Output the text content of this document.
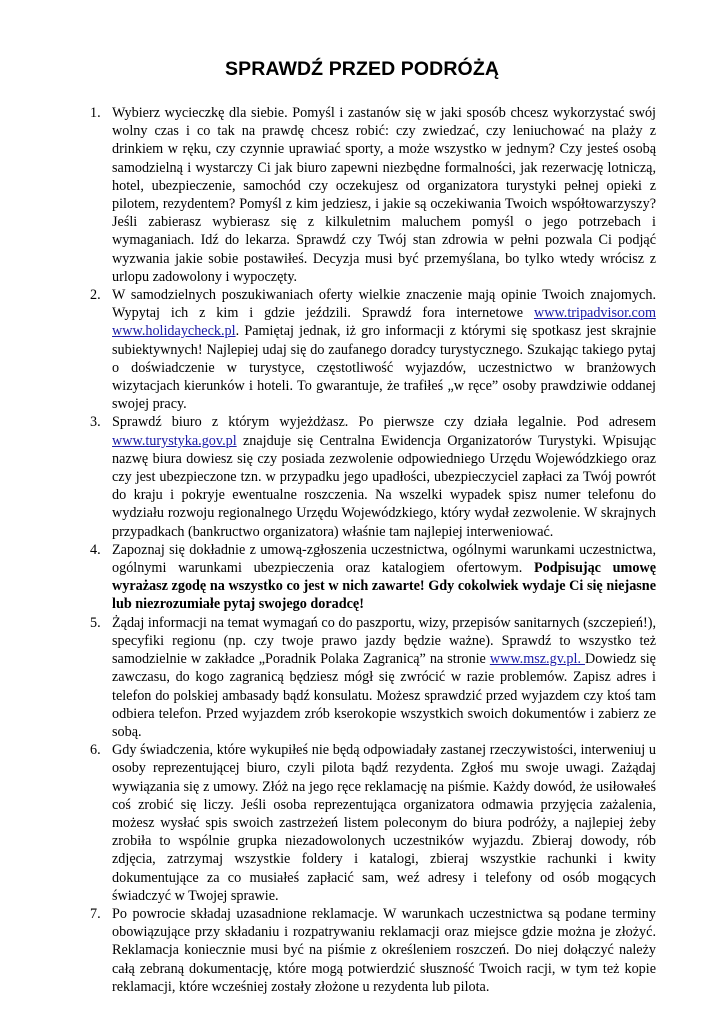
SPRAWDŹ PRZED PODRÓŻĄ
1. Wybierz wycieczkę dla siebie. Pomyśl i zastanów się w jaki sposób chcesz wykorzystać swój wolny czas i co tak na prawdę chcesz robić: czy zwiedzać, czy leniuchować na plaży z drinkiem w ręku, czy czynnie uprawiać sporty, a może wszystko w jednym? Czy jesteś osobą samodzielną i wystarczy Ci jak biuro zapewni niezbędne formalności, jak rezerwację lotniczą, hotel, ubezpieczenie, samochód czy oczekujesz od organizatora turystyki pełnej opieki z pilotem, rezydentem? Pomyśl z kim jedziesz, i jakie są oczekiwania Twoich współtowarzyszy? Jeśli zabierasz wybierasz się z kilkuletnim maluchem pomyśl o jego potrzebach i wymaganiach. Idź do lekarza. Sprawdź czy Twój stan zdrowia w pełni pozwala Ci podjąć wyzwania jakie sobie postawiłeś. Decyzja musi być przemyślana, bo tylko wtedy wrócisz z urlopu zadowolony i wypoczęty.
2. W samodzielnych poszukiwaniach oferty wielkie znaczenie mają opinie Twoich znajomych. Wypytaj ich z kim i gdzie jeździli. Sprawdź fora internetowe www.tripadvisor.com www.holidaycheck.pl. Pamiętaj jednak, iż gro informacji z którymi się spotkasz jest skrajnie subiektywnych! Najlepiej udaj się do zaufanego doradcy turystycznego. Szukając takiego pytaj o doświadczenie w turystyce, częstotliwość wyjazdów, uczestnictwo w branżowych wizytacjach kierunków i hoteli. To gwarantuje, że trafiłeś „w ręce” osoby prawdziwie oddanej swojej pracy.
3. Sprawdź biuro z którym wyjeżdżasz. Po pierwsze czy działa legalnie. Pod adresem www.turystyka.gov.pl znajduje się Centralna Ewidencja Organizatorów Turystyki. Wpisując nazwę biura dowiesz się czy posiada zezwolenie odpowiedniego Urzędu Wojewódzkiego oraz czy jest ubezpieczone tzn. w przypadku jego upadłości, ubezpieczyciel zapłaci za Twój powrót do kraju i pokryje ewentualne roszczenia. Na wszelki wypadek spisz numer telefonu do wydziału rozwoju regionalnego Urzędu Wojewódzkiego, który wydał zezwolenie. W skrajnych przypadkach (bankructwo organizatora) właśnie tam najlepiej interweniować.
4. Zapoznaj się dokładnie z umową-zgłoszenia uczestnictwa, ogólnymi warunkami uczestnictwa, ogólnymi warunkami ubezpieczenia oraz katalogiem ofertowym. Podpisując umowę wyrażasz zgodę na wszystko co jest w nich zawarte! Gdy cokolwiek wydaje Ci się niejasne lub niezrozumiałe pytaj swojego doradcę!
5. Żądaj informacji na temat wymagań co do paszportu, wizy, przepisów sanitarnych (szczepień!), specyfiki regionu (np. czy twoje prawo jazdy będzie ważne). Sprawdź to wszystko też samodzielnie w zakładce „Poradnik Polaka Zagranicą” na stronie www.msz.gv.pl. Dowiedz się zawczasu, do kogo zagranicą będziesz mógł się zwrócić w razie problemów. Zapisz adres i telefon do polskiej ambasady bądź konsulatu. Możesz sprawdzić przed wyjazdem czy ktoś tam odbiera telefon. Przed wyjazdem zrób kserokopie wszystkich swoich dokumentów i zabierz ze sobą.
6. Gdy świadczenia, które wykupiłeś nie będą odpowiadały zastanej rzeczywistości, interweniuj u osoby reprezentującej biuro, czyli pilota bądź rezydenta. Zgłoś mu swoje uwagi. Zażądaj wywiązania się z umowy. Złóż na jego ręce reklamację na piśmie. Każdy dowód, że usiłowałeś coś zrobić się liczy. Jeśli osoba reprezentująca organizatora odmawia przyjęcia zażalenia, możesz wysłać spis swoich zastrzeżeń listem poleconym do biura podróży, a najlepiej żeby zrobiła to wspólnie grupka niezadowolonych uczestników wyjazdu. Zbieraj dowody, rób zdjęcia, zatrzymaj wszystkie foldery i katalogi, zbieraj wszystkie rachunki i kwity dokumentujące za co musiałeś zapłacić sam, weź adresy i telefony od osób mogących świadczyć w Twojej sprawie.
7. Po powrocie składaj uzasadnione reklamacje. W warunkach uczestnictwa są podane terminy obowiązujące przy składaniu i rozpatrywaniu reklamacji oraz miejsce gdzie można je złożyć. Reklamacja koniecznie musi być na piśmie z określeniem roszczeń. Do niej dołączyć należy całą zebraną dokumentację, które mogą potwierdzić słuszność Twoich racji, w tym też kopie reklamacji, które wcześniej zostały złożone u rezydenta lub pilota.
